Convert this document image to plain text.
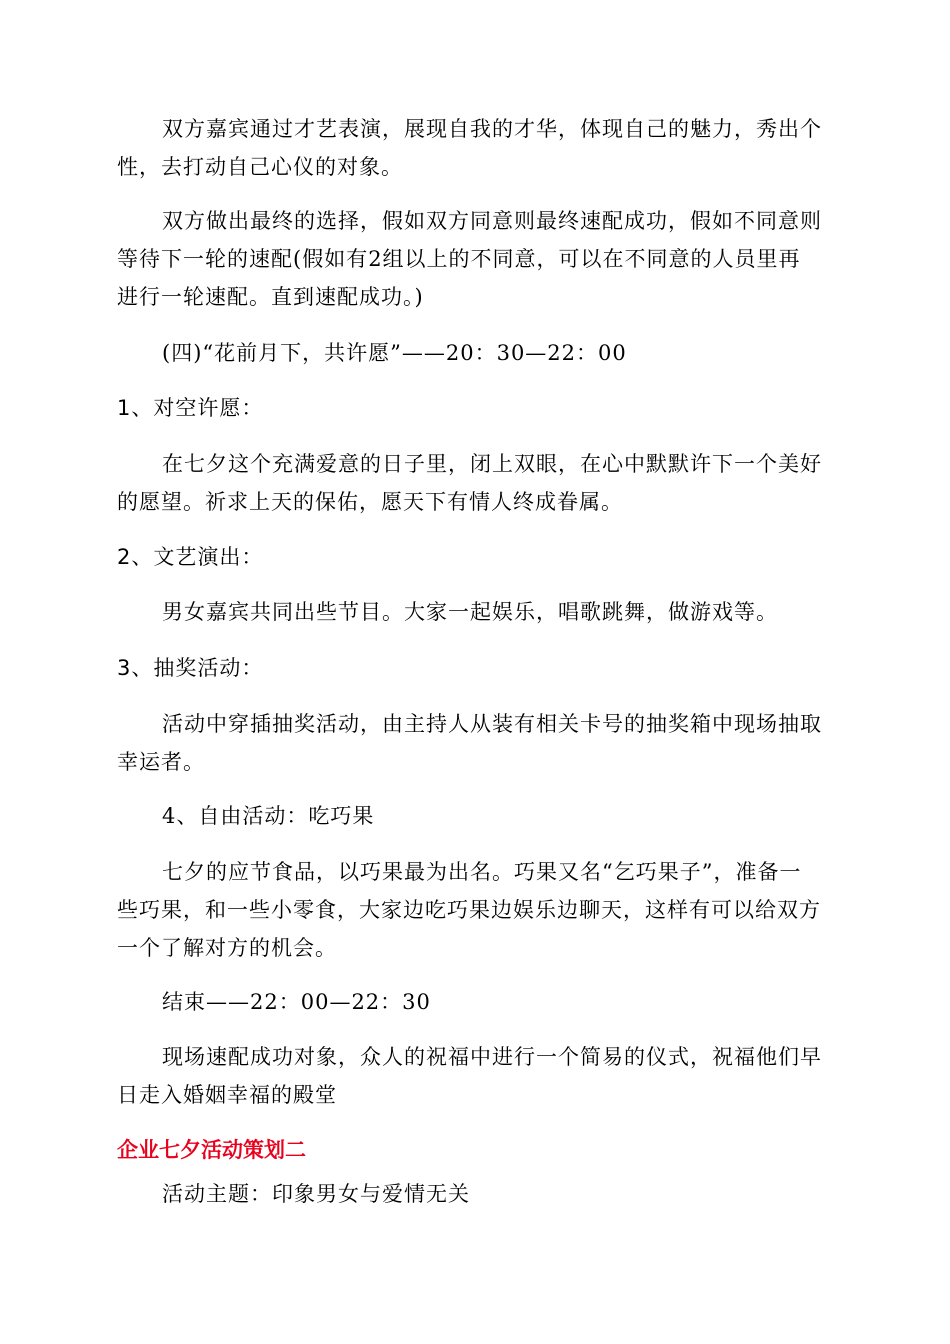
双方嘉宾通过才艺表演，展现自我的才华，体现自己的魅力，秀出个
性，去打动自己心仪的对象。
双方做出最终的选择，假如双方同意则最终速配成功，假如不同意则
等待下一轮的速配(假如有2组以上的不同意，可以在不同意的人员里再
进行一轮速配。直到速配成功。)
(四)“花前月下，共许愿”——20：30—22：00
1、对空许愿：
在七夕这个充满爱意的日子里，闭上双眼，在心中默默许下一个美好
的愿望。祈求上天的保佑，愿天下有情人终成眷属。
2、文艺演出：
男女嘉宾共同出些节目。大家一起娱乐，唱歌跳舞，做游戏等。
3、抽奖活动：
活动中穿插抽奖活动，由主持人从装有相关卡号的抽奖箱中现场抽取
幸运者。
4、自由活动：吃巧果
七夕的应节食品，以巧果最为出名。巧果又名“乞巧果子”，准备一
些巧果，和一些小零食，大家边吃巧果边娱乐边聊天，这样有可以给双方
一个了解对方的机会。
结束——22：00—22：30
现场速配成功对象，众人的祝福中进行一个简易的仪式，祝福他们早
日走入婚姻幸福的殿堂
企业七夕活动策划二
活动主题：印象男女与爱情无关
